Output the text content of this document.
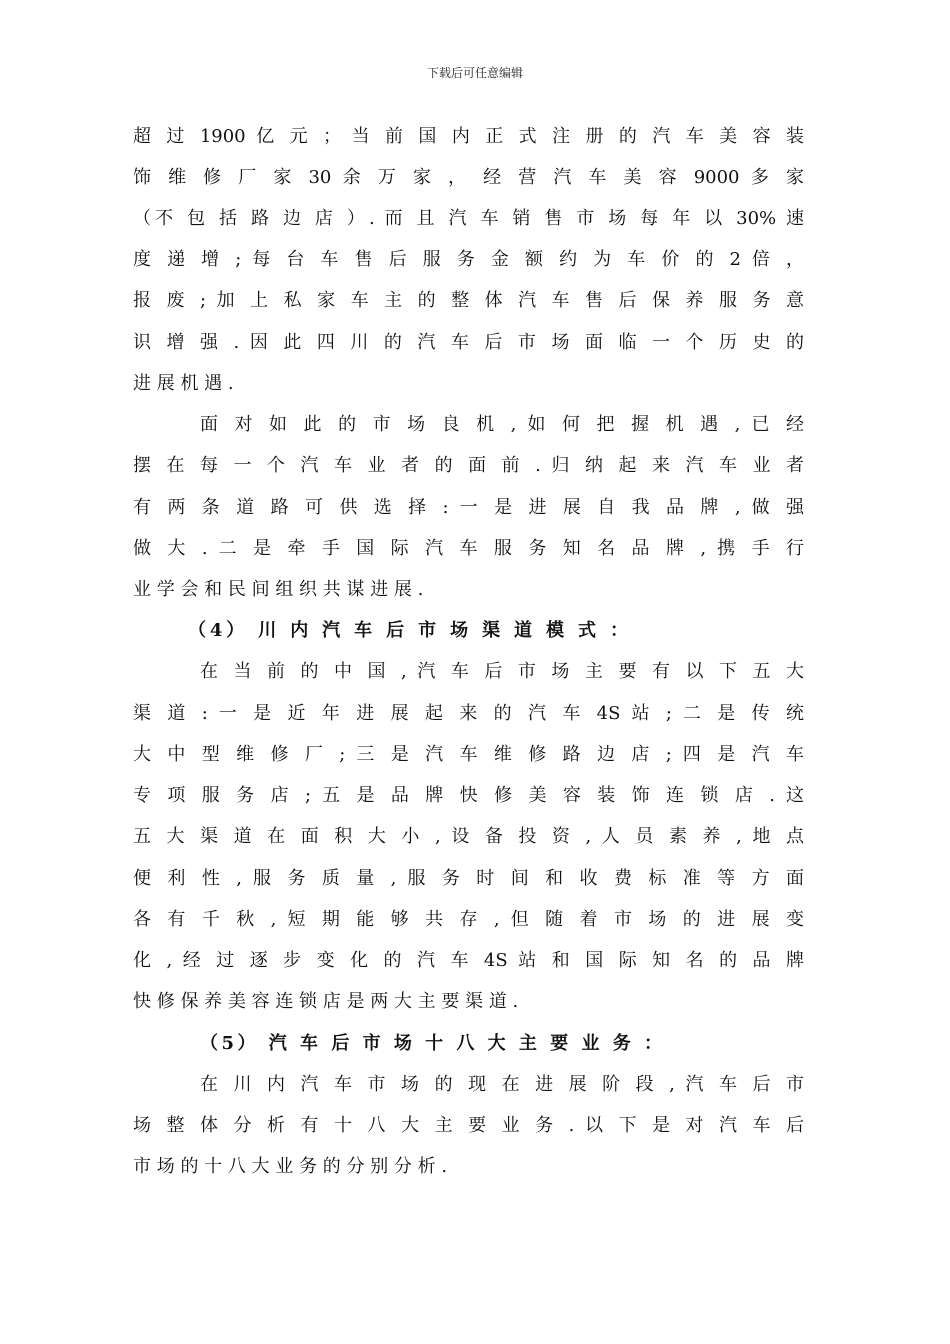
下载后可任意编辑
超 过 1900 亿 元 ； 当 前 国 内 正 式 注 册 的 汽 车 美 容 装
饰 维 修 厂 家 30 余 万 家 ， 经 营 汽 车 美 容 9000 多 家
（不 包 括 路 边 店 ）. 而 且 汽 车 销 售 市 场 每 年 以 30% 速
度 递 增 ; 每 台 车 售 后 服 务 金 额 约 为 车 价 的 2 倍 ，
报 废 ; 加 上 私 家 车 主 的 整 体 汽 车 售 后 保 养 服 务 意
识 增 强 . 因 此 四 川 的 汽 车 后 市 场 面 临 一 个 历 史 的
进 展 机 遇 .
面 对 如 此 的 市 场 良 机 , 如 何 把 握 机 遇 , 已 经
摆 在 每 一 个 汽 车 业 者 的 面 前 . 归 纳 起 来 汽 车 业 者
有 两 条 道 路 可 供 选 择 : 一 是 进 展 自 我 品 牌 , 做 强
做 大 . 二 是 牵 手 国 际 汽 车 服 务 知 名 品 牌 , 携 手 行
业 学 会 和 民 间 组 织 共 谋 进 展 .
（4） 川 内 汽 车 后 市 场 渠 道 模 式 ：
在 当 前 的 中 国 , 汽 车 后 市 场 主 要 有 以 下 五 大
渠 道 : 一 是 近 年 进 展 起 来 的 汽 车 4S 站 ; 二 是 传 统
大 中 型 维 修 厂 ; 三 是 汽 车 维 修 路 边 店 ; 四 是 汽 车
专 项 服 务 店 ; 五 是 品 牌 快 修 美 容 装 饰 连 锁 店 . 这
五 大 渠 道 在 面 积 大 小 , 设 备 投 资 , 人 员 素 养 , 地 点
便 利 性 , 服 务 质 量 , 服 务 时 间 和 收 费 标 准 等 方 面
各 有 千 秋 , 短 期 能 够 共 存 , 但 随 着 市 场 的 进 展 变
化 , 经 过 逐 步 变 化 的 汽 车 4S 站 和 国 际 知 名 的 品 牌
快 修 保 养 美 容 连 锁 店 是 两 大 主 要 渠 道 .
（5） 汽 车 后 市 场 十 八 大 主 要 业 务 ：
在 川 内 汽 车 市 场 的 现 在 进 展 阶 段 , 汽 车 后 市
场 整 体 分 析 有 十 八 大 主 要 业 务 . 以 下 是 对 汽 车 后
市 场 的 十 八 大 业 务 的 分 别 分 析 .
